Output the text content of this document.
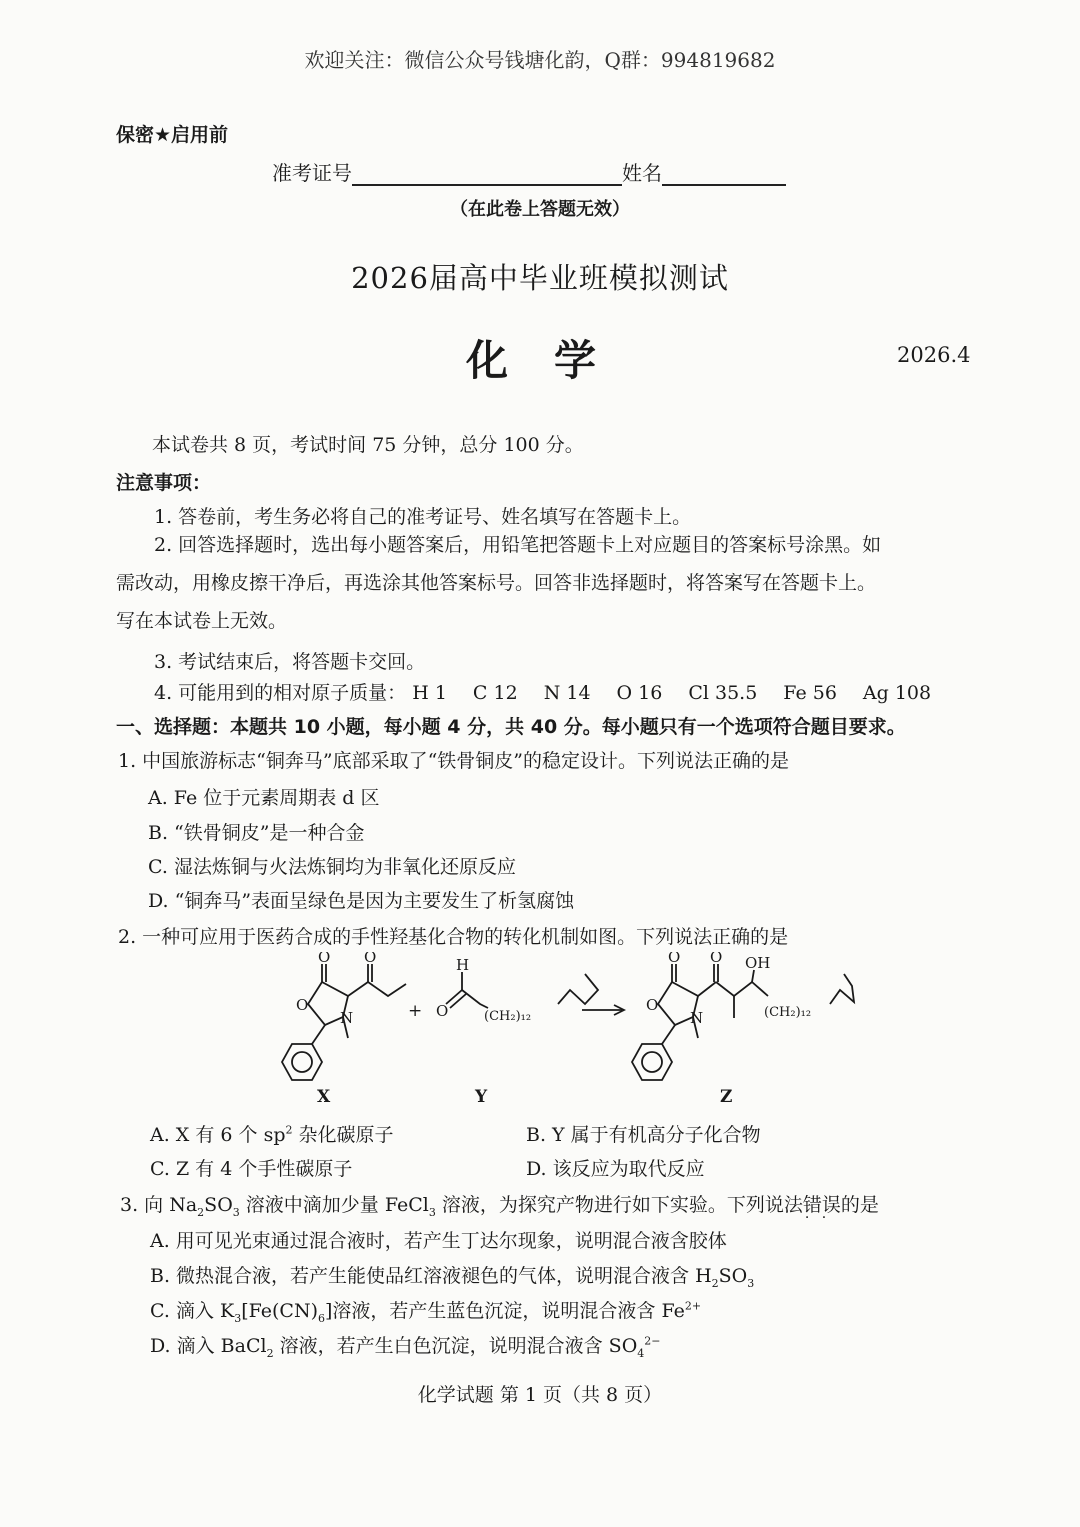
欢迎关注：微信公众号钱塘化韵，Q群：994819682
保密★启用前
准考证号	姓名
（在此卷上答题无效）
2026届高中毕业班模拟测试
化学	2026.4
本试卷共 8 页，考试时间 75 分钟，总分 100 分。
注意事项：
1. 答卷前，考生务必将自己的准考证号、姓名填写在答题卡上。
2. 回答选择题时，选出每小题答案后，用铅笔把答题卡上对应题目的答案标号涂黑。如
需改动，用橡皮擦干净后，再选涂其他答案标号。回答非选择题时，将答案写在答题卡上。
写在本试卷上无效。
3. 考试结束后，将答题卡交回。
4. 可能用到的相对原子质量： H 1 C 12 N 14 O 16 Cl 35.5 Fe 56 Ag 108
一、选择题：本题共 10 小题，每小题 4 分，共 40 分。每小题只有一个选项符合题目要求。
1. 中国旅游标志“铜奔马”底部采取了“铁骨铜皮”的稳定设计。下列说法正确的是
A. Fe 位于元素周期表 d 区
B. “铁骨铜皮”是一种合金
C. 湿法炼铜与火法炼铜均为非氧化还原反应
D. “铜奔马”表面呈绿色是因为主要发生了析氢腐蚀
2. 一种可应用于医药合成的手性羟基化合物的转化机制如图。下列说法正确的是
O O
O
N	+
H
O	(CH₂)₁₂
O O OH
O
N	(CH₂)₁₂
X	Y	Z
A. X 有 6 个 $sp^2$ 杂化碳原子	B. Y 属于有机高分子化合物
C. Z 有 4 个手性碳原子	D. 该反应为取代反应
3. 向 $Na_2SO_3$ 溶液中滴加少量 FeCl$_3$ 溶液，为探究产物进行如下实验。下列说法错误 · ·的是
A. 用可见光束通过混合液时，若产生丁达尔现象，说明混合液含胶体
B. 微热混合液，若产生能使品红溶液褪色的气体，说明混合液含 $H_2SO_3$
C. 滴入 $K_3[Fe(CN)_6]$溶液，若产生蓝色沉淀，说明混合液含 $Fe^{2+}$
D. 滴入 BaCl$_2$ 溶液，若产生白色沉淀，说明混合液含 $SO_4^{2-}$
化学试题 第 1 页（共 8 页）
